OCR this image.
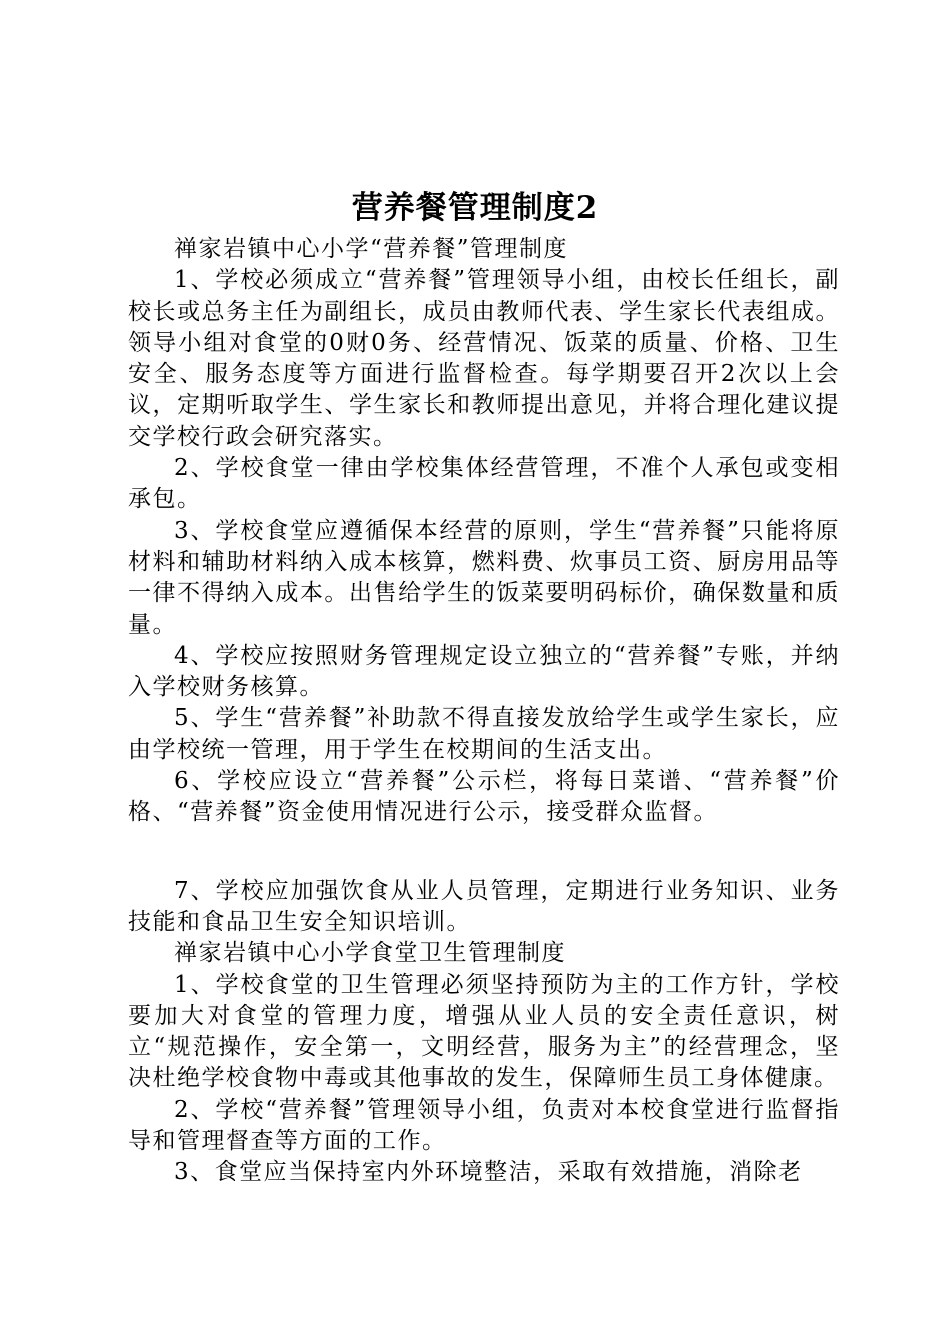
营养餐管理制度2

禅家岩镇中心小学“营养餐”管理制度

1、学校必须成立“营养餐”管理领导小组，由校长任组长，副校长或总务主任为副组长，成员由教师代表、学生家长代表组成。领导小组对食堂的0财0务、经营情况、饭菜的质量、价格、卫生安全、服务态度等方面进行监督检查。每学期要召开2次以上会议，定期听取学生、学生家长和教师提出意见，并将合理化建议提交学校行政会研究落实。

2、学校食堂一律由学校集体经营管理，不准个人承包或变相承包。

3、学校食堂应遵循保本经营的原则，学生“营养餐”只能将原材料和辅助材料纳入成本核算，燃料费、炊事员工资、厨房用品等一律不得纳入成本。出售给学生的饭菜要明码标价，确保数量和质量。

4、学校应按照财务管理规定设立独立的“营养餐”专账，并纳入学校财务核算。

5、学生“营养餐”补助款不得直接发放给学生或学生家长，应由学校统一管理，用于学生在校期间的生活支出。

6、学校应设立“营养餐”公示栏，将每日菜谱、“营养餐”价格、“营养餐”资金使用情况进行公示，接受群众监督。

7、学校应加强饮食从业人员管理，定期进行业务知识、业务技能和食品卫生安全知识培训。

禅家岩镇中心小学食堂卫生管理制度

1、学校食堂的卫生管理必须坚持预防为主的工作方针，学校要加大对食堂的管理力度，增强从业人员的安全责任意识，树立“规范操作，安全第一，文明经营，服务为主”的经营理念，坚决杜绝学校食物中毒或其他事故的发生，保障师生员工身体健康。

2、学校“营养餐”管理领导小组，负责对本校食堂进行监督指导和管理督查等方面的工作。

3、食堂应当保持室内外环境整洁，采取有效措施，消除老
